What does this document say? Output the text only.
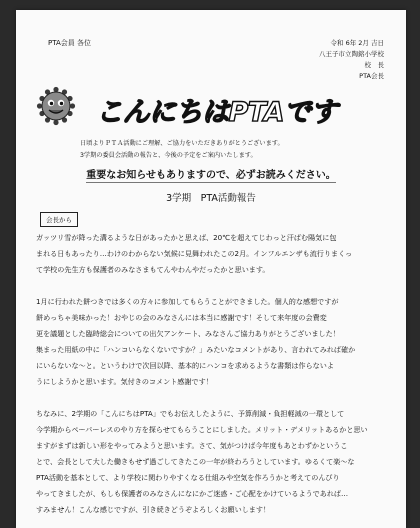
PTA会員 各位	令和 6年 2月 吉日
八王子市立陶鎔小学校
校　長
PTA会長
こんにちはPTAです
日頃よりＰＴＡ活動にご理解、ご協力をいただきありがとうございます。
3学期の委員会活動の報告と、今後の予定をご案内いたします。
重要なお知らせもありますので、必ずお読みください。
3学期　PTA活動報告
会長から

ガッツリ雪が降った溝るような日があったかと思えば、20℃を超えてじわっと汗ばむ陽気に包
まれる日もあったり…わけのわからない気候に見舞われたこの2月。インフルエンザも流行りまくっ
て学校の先生方も保護者のみなさまもてんやわんやだったかと思います。

1月に行われた餅つきでは多くの方々に参加してもらうことができました。個人的な感想ですが
餅めっちゃ美味かった！おやじの会のみなさんには本当に感謝です！そして来年度の会費変
更を議題とした臨時総会についての出欠アンケート、みなさんご協力ありがとうございました！
集まった用紙の中に「ハンコいらなくないですか？」みたいなコメントがあり、言われてみれば確か
にいらないな～と。というわけで次回以降、基本的にハンコを求めるような書類は作らないよ
うにしようかと思います。気付きのコメント感謝です！

ちなみに、2学期の「こんにちはPTA」でもお伝えしたように、予算削減・負担軽減の一環として
今学期からペーパーレスのやり方を探らせてもらうことにしました。メリット・デメリットあるかと思い
ますがまずは新しい形をやってみようと思います。さて、気がつけば今年度もあとわずかというこ
とで、会長として大した働きもせず過ごしてきたこの一年が終わろうとしています。ゆるくて楽～な
PTA活動を基本として、より学校に関わりやすくなる仕組みや空気を作ろうかと考えてのんびり
やってきましたが、もしも保護者のみなさんになにかご迷惑・ご心配をかけているようであれば…
すみません！こんな感じですが、引き続きどうぞよろしくお願いします！
